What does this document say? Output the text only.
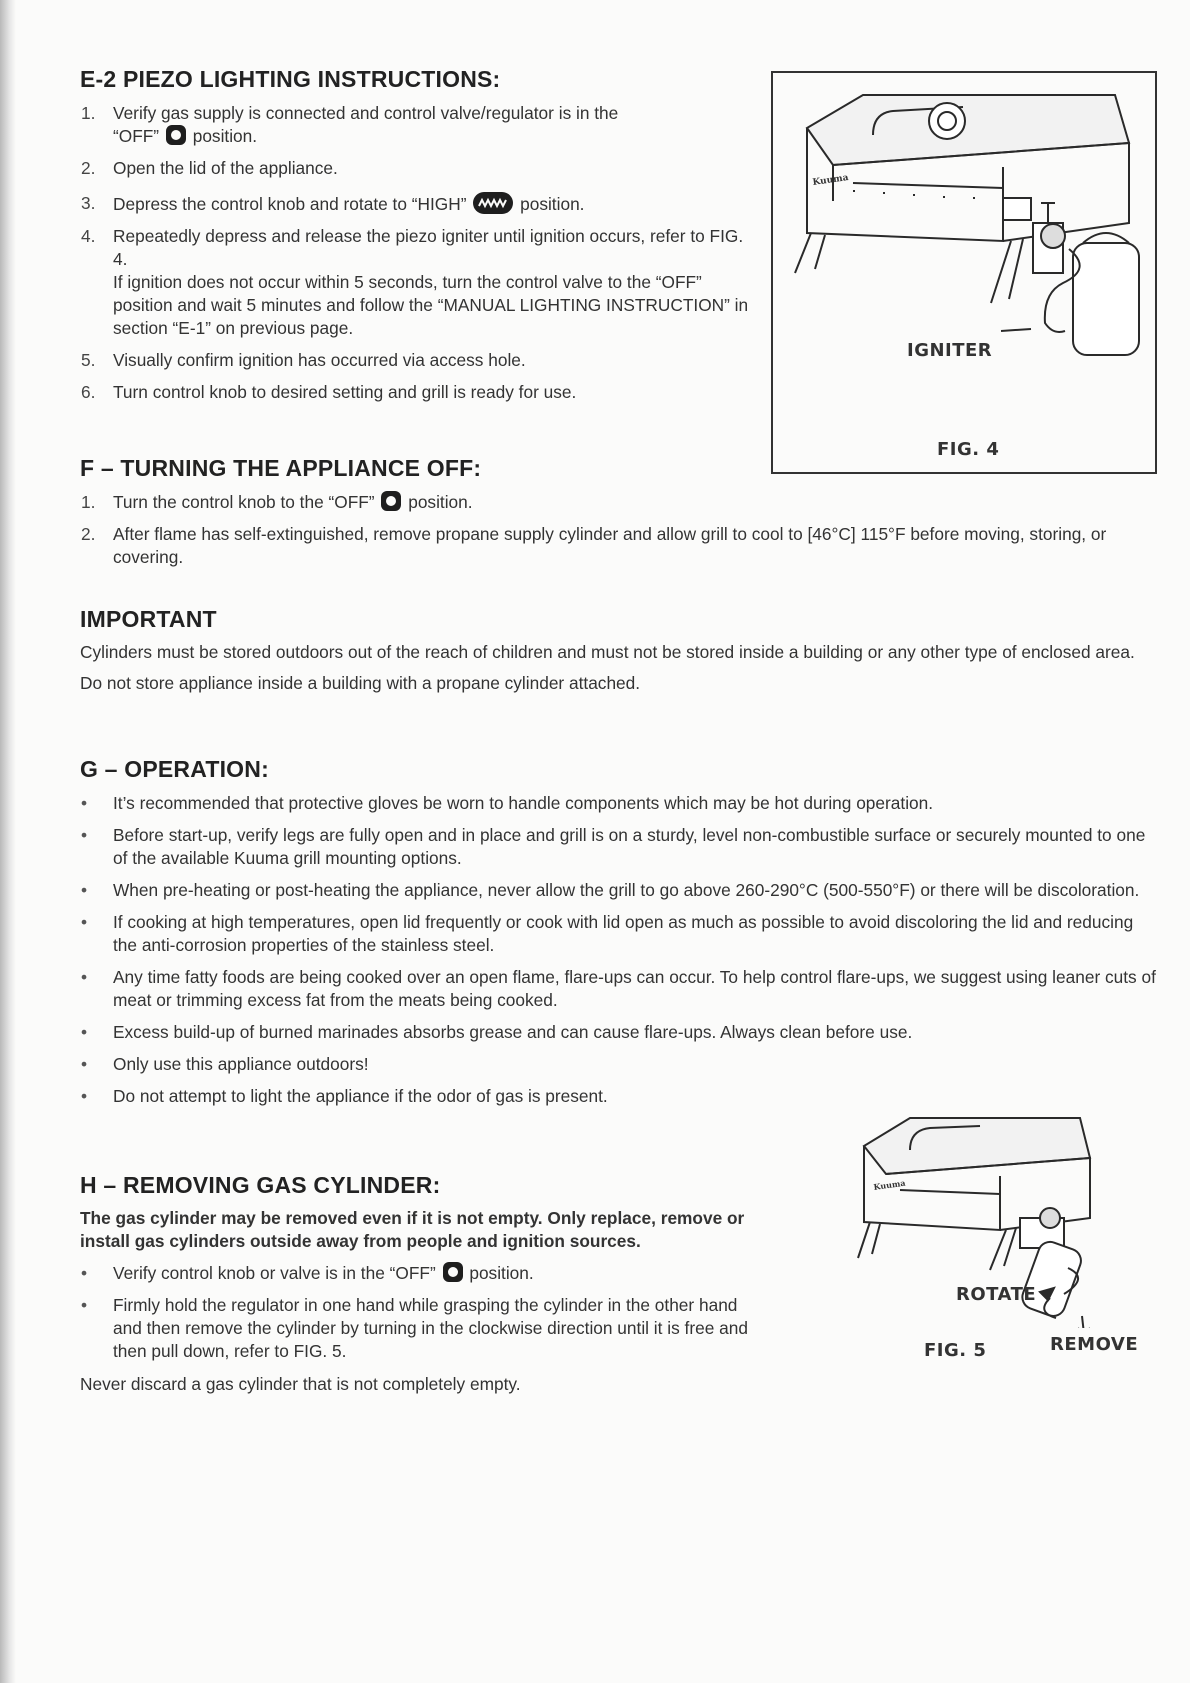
E-2 PIEZO LIGHTING INSTRUCTIONS:
1. Verify gas supply is connected and control valve/regulator is in the
“OFF” position.
2. Open the lid of the appliance.
3. Depress the control knob and rotate to “HIGH”	position.
4. Repeatedly depress and release the piezo igniter until ignition occurs, refer to FIG. 4.
If ignition does not occur within 5 seconds, turn the control valve to the “OFF” position and wait 5 minutes and follow the “MANUAL LIGHTING INSTRUCTION” in section “E-1” on previous page.
5. Visually confirm ignition has occurred via access hole.
6. Turn control knob to desired setting and grill is ready for use.
Kuuma
IGNITER
FIG. 4
F – TURNING THE APPLIANCE OFF:
1. Turn the control knob to the “OFF” position.
2. After flame has self-extinguished, remove propane supply cylinder and allow grill to cool to [46°C] 115°F before moving, storing, or covering.
IMPORTANT

Cylinders must be stored outdoors out of the reach of children and must not be stored inside a building or any other type of enclosed area.

Do not store appliance inside a building with a propane cylinder attached.

G – OPERATION:
• It’s recommended that protective gloves be worn to handle components which may be hot during operation.
• Before start-up, verify legs are fully open and in place and grill is on a sturdy, level non-combustible surface or securely mounted to one of the available Kuuma grill mounting options.
• When pre-heating or post-heating the appliance, never allow the grill to go above 260-290°C (500-550°F) or there will be discoloration.
• If cooking at high temperatures, open lid frequently or cook with lid open as much as possible to avoid discoloring the lid and reducing the anti-corrosion properties of the stainless steel.
• Any time fatty foods are being cooked over an open flame, flare-ups can occur. To help control flare-ups, we suggest using leaner cuts of meat or trimming excess fat from the meats being cooked.
• Excess build-up of burned marinades absorbs grease and can cause flare-ups. Always clean before use.
• Only use this appliance outdoors!
• Do not attempt to light the appliance if the odor of gas is present.
H – REMOVING GAS CYLINDER:

The gas cylinder may be removed even if it is not empty. Only replace, remove or install gas cylinders outside away from people and ignition sources.

• Verify control knob or valve is in the “OFF” position.
• Firmly hold the regulator in one hand while grasping the cylinder in the other hand and then remove the cylinder by turning in the clockwise direction until it is free and then pull down, refer to FIG. 5.

Never discard a gas cylinder that is not completely empty.

Kuuma
ROTATE
REMOVE
FIG. 5
